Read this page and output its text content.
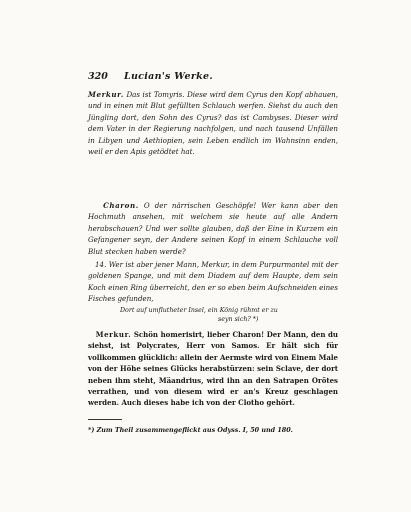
320 Lucian's Werke.

Merkur. Das ist Tomyris. Diese wird dem Cyrus den Kopf abhauen, und in einen mit Blut gefüllten Schlauch werfen. Siehst du auch den Jüngling dort, den Sohn des Cyrus? das ist Cambyses. Dieser wird dem Vater in der Regierung nachfolgen, und nach tausend Unfällen in Libyen und Aethiopien, sein Leben endlich im Wahnsinn enden, weil er den Apis getödtet hat.

Charon. O der närrischen Geschöpfe! Wer kann aber den Hochmuth ansehen, mit welchem sie heute auf alle Andern herabschauen? Und wer sollte glauben, daß der Eine in Kurzem ein Gefangener seyn, der Andere seinen Kopf in einem Schlauche voll Blut stecken haben werde?

14. Wer ist aber jener Mann, Merkur, in dem Purpurmantel mit der goldenen Spange, und mit dem Diadem auf dem Haupte, dem sein Koch einen Ring überreicht, den er so eben beim Aufschneiden eines Fisches gefunden,

Dort auf umflutheter Insel, ein König rühmt er zu
seyn sich? *)

Merkur. Schön homerisirt, lieber Charon! Der Mann, den du siehst, ist Polycrates, Herr von Samos. Er hält sich für vollkommen glücklich: allein der Aermste wird von Einem Male von der Höhe seines Glücks herabstürzen: sein Sclave, der dort neben ihm steht, Mäandrius, wird ihn an den Satrapen Orötes verrathen, und von diesem wird er an's Kreuz geschlagen werden. Auch dieses habe ich von der Clotho gehört.

*) Zum Theil zusammengeflickt aus Odyss. I, 50 und 180.
